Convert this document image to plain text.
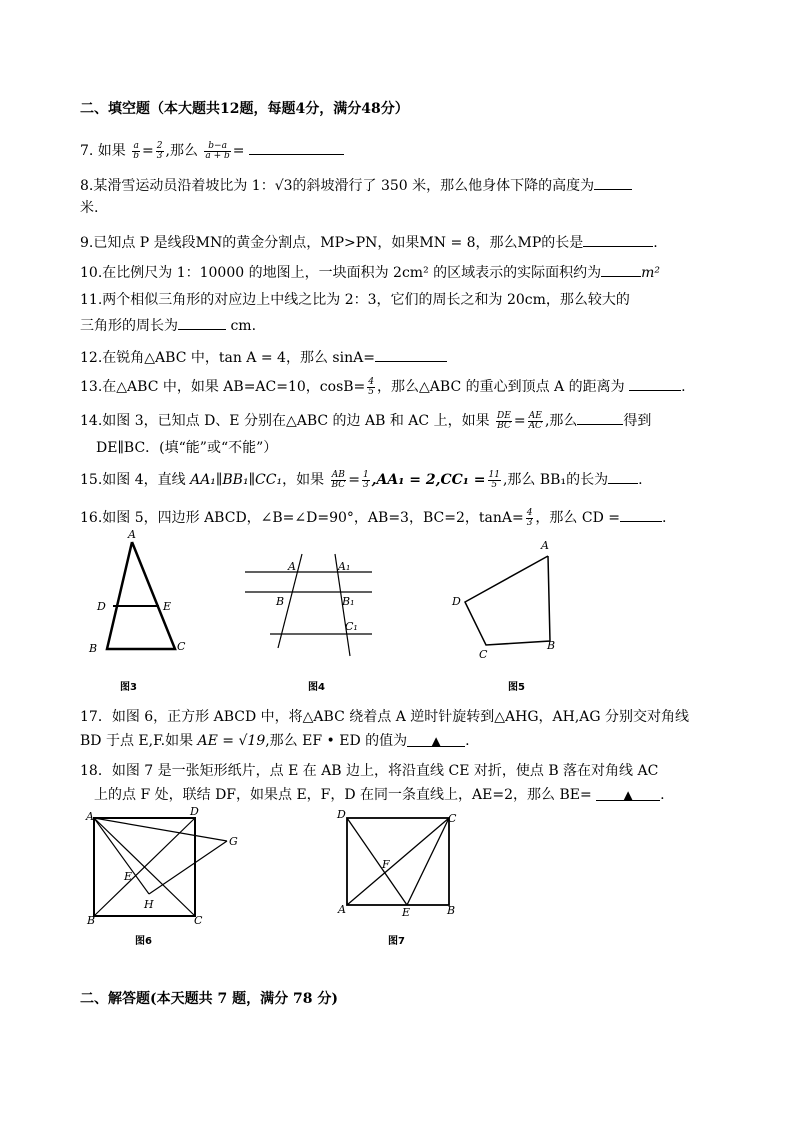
二、填空题（本大题共12题，每题4分，满分48分）
7. 如果 $\frac{a}{b} = \frac{2}{3}$ ,那么 $\frac{b-a}{a + b}$ =
8.某滑雪运动员沿着坡比为 1：√3的斜坡滑行了 350 米，那么他身体下降的高度为
米.
9.已知点 P 是线段MN的黄金分割点，MP>PN，如果MN = 8，那么MP的长是	.
10.在比例尺为 1：10000 的地图上，一块面积为 2cm² 的区域表示的实际面积约为	m²
11.两个相似三角形的对应边上中线之比为 2：3，它们的周长之和为 20cm，那么较大的
三角形的周长为	cm.
12.在锐角△ABC 中，tan A = 4，那么 sinA=
13.在△ABC 中，如果 AB=AC=10，$\cos B= \frac{4}{5}$ ，那么△ABC 的重心到顶点 A 的距离为	.
14.如图 3，已知点 D、E 分别在△ABC 的边 AB 和 AC 上，如果 $\frac{DE}{BC} = \frac{AE}{AC}$ ,那么	得到
DE∥BC．(填“能”或“不能”）
15.如图 4，直线 AA₁∥BB₁∥CC₁，如果 $\frac{AB}{BC} = \frac{1}{3} ,AA_1 = 2,CC_1 = \frac{11}{5}$ ,那么 BB₁的长为 .
16.如图 5，四边形 ABCD，∠B=∠D=90°，AB=3，BC=2，$\tan A= \frac{4}{3}$ ，那么 CD =	.
A
D	E
B	C
图3
A	A₁
B	B₁
C₁
图4
A
D
C
B
图5
17．如图 6，正方形 ABCD 中，将△ABC 绕着点 A 逆时针旋转到△AHG，AH,AG 分别交对角线
BD 于点 E,F.如果 AE = √19,那么 EF • ED 的值为 ▲ .
18．如图 7 是一张矩形纸片，点 E 在 AB 边上，将沿直线 CE 对折，使点 B 落在对角线 AC
上的点 F 处，联结 DF，如果点 E，F，D 在同一条直线上，AE=2，那么 BE=	▲ .
A	D
G
E
H
B	C
图6
D	C
F
A	E	B
图7
二、解答题(本天题共 7 题，满分 78 分)
